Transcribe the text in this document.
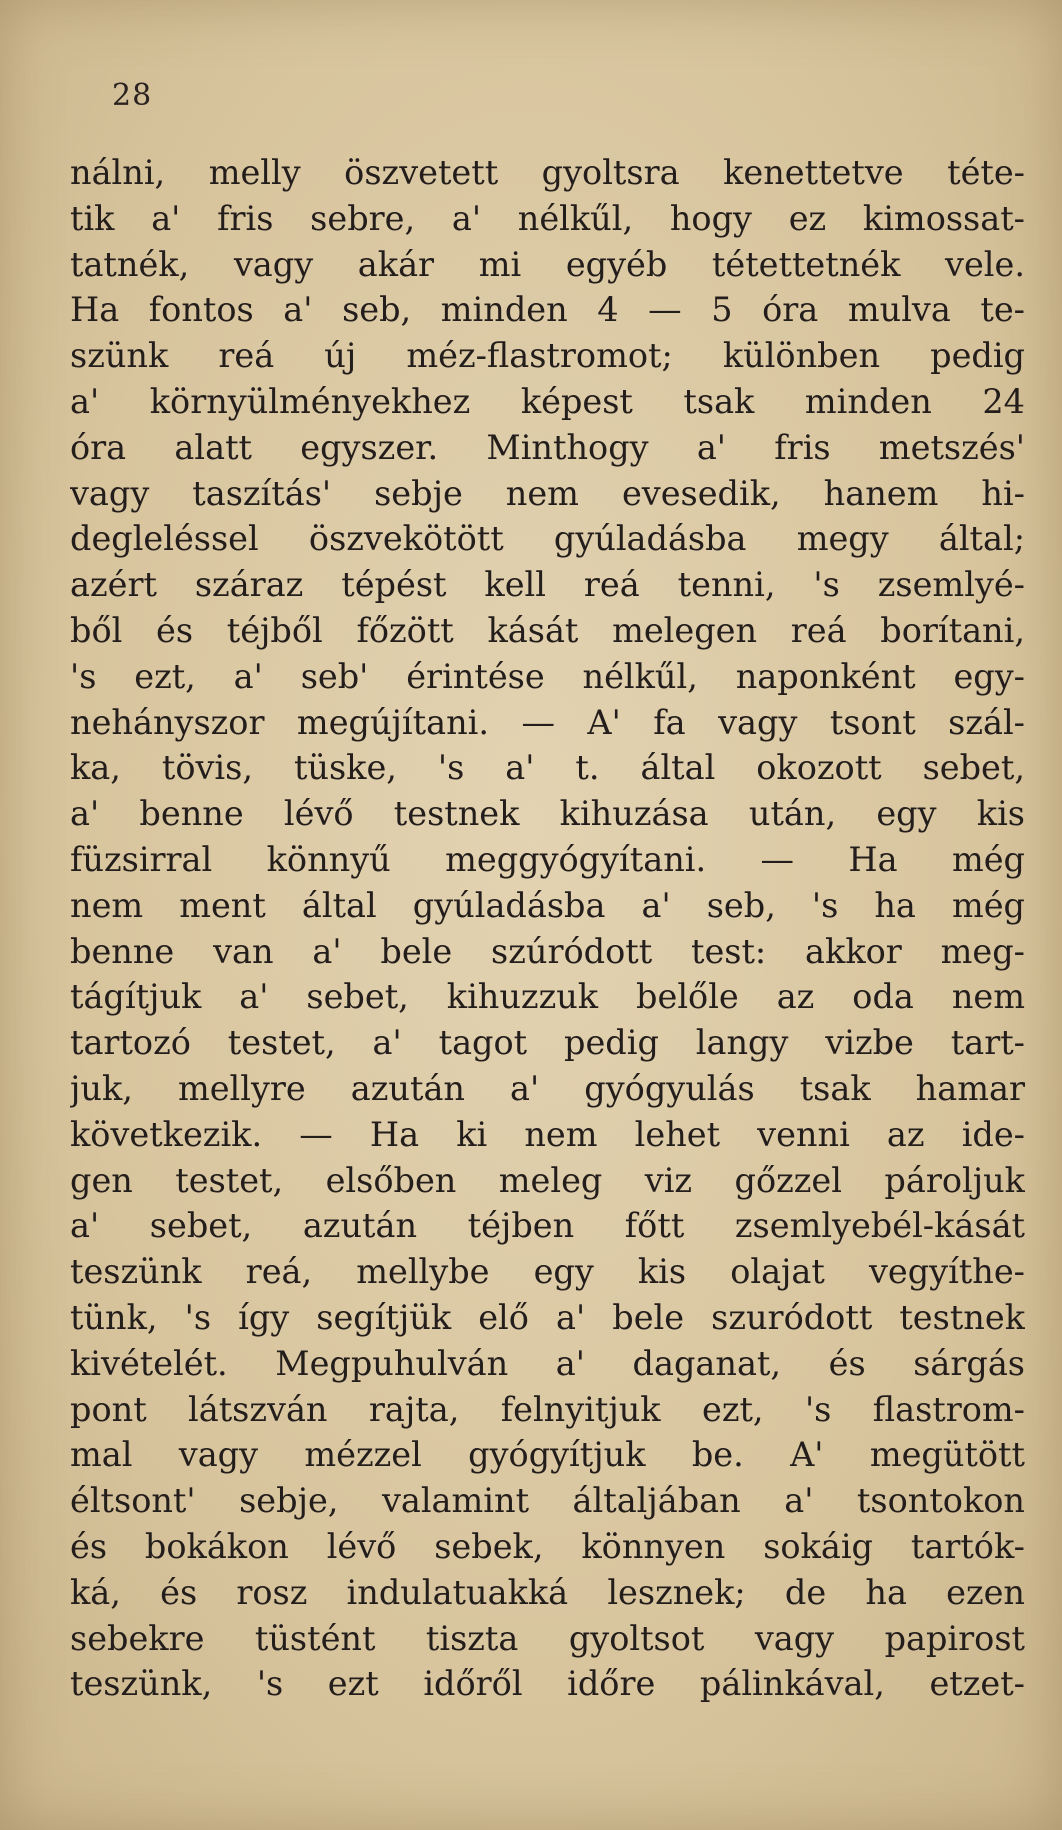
28
nálni, melly öszvetett gyoltsra kenettetve téte-
tik a' fris sebre, a' nélkűl, hogy ez kimossat-
tatnék, vagy akár mi egyéb tétettetnék vele.
Ha fontos a' seb, minden 4 — 5 óra mulva te-
szünk reá új méz-flastromot; különben pedig
a' környülményekhez képest tsak minden 24
óra alatt egyszer. Minthogy a' fris metszés'
vagy taszítás' sebje nem evesedik, hanem hi-
degleléssel öszvekötött gyúladásba megy által;
azért száraz tépést kell reá tenni, 's zsemlyé-
ből és téjből főzött kását melegen reá borítani,
's ezt, a' seb' érintése nélkűl, naponként egy-
nehányszor megújítani. — A' fa vagy tsont szál-
ka, tövis, tüske, 's a' t. által okozott sebet,
a' benne lévő testnek kihuzása után, egy kis
füzsirral könnyű meggyógyítani. — Ha még
nem ment által gyúladásba a' seb, 's ha még
benne van a' bele szúródott test: akkor meg-
tágítjuk a' sebet, kihuzzuk belőle az oda nem
tartozó testet, a' tagot pedig langy vizbe tart-
juk, mellyre azután a' gyógyulás tsak hamar
következik. — Ha ki nem lehet venni az ide-
gen testet, elsőben meleg viz gőzzel pároljuk
a' sebet, azután téjben főtt zsemlyebél-kását
teszünk reá, mellybe egy kis olajat vegyíthe-
tünk, 's így segítjük elő a' bele szuródott testnek
kivételét. Megpuhulván a' daganat, és sárgás
pont látszván rajta, felnyitjuk ezt, 's flastrom-
mal vagy mézzel gyógyítjuk be. A' megütött
éltsont' sebje, valamint általjában a' tsontokon
és bokákon lévő sebek, könnyen sokáig tartók-
ká, és rosz indulatuakká lesznek; de ha ezen
sebekre tüstént tiszta gyoltsot vagy papirost
teszünk, 's ezt időről időre pálinkával, etzet-
